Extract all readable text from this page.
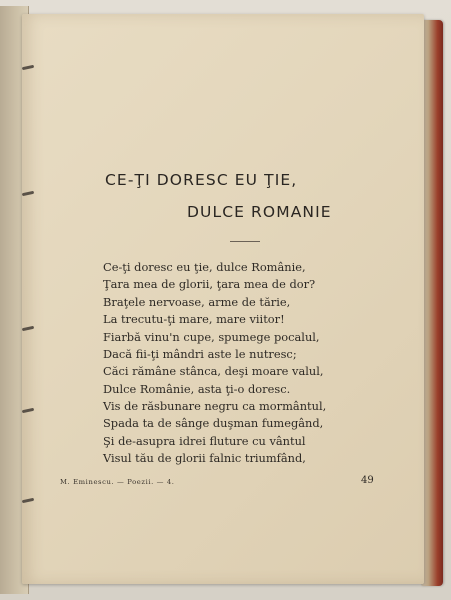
CE-ŢI DORESC EU ŢIE,
DULCE ROMANIE
Ce-ţi doresc eu ţie, dulce Românie,
Ţara mea de glorii, ţara mea de dor?
Braţele nervoase, arme de tărie,
La trecutu-ţi mare, mare viitor!
Fiarbă vinu'n cupe, spumege pocalul,
Dacă fii-ţi mândri aste le nutresc;
Căci rămâne stânca, deşi moare valul,
Dulce Românie, asta ţi-o doresc.
Vis de răsbunare negru ca mormântul,
Spada ta de sânge duşman fumegând,
Şi de-asupra idrei fluture cu vântul
Visul tău de glorii falnic triumfând,
M. Eminescu. — Poezii. — 4.	49
